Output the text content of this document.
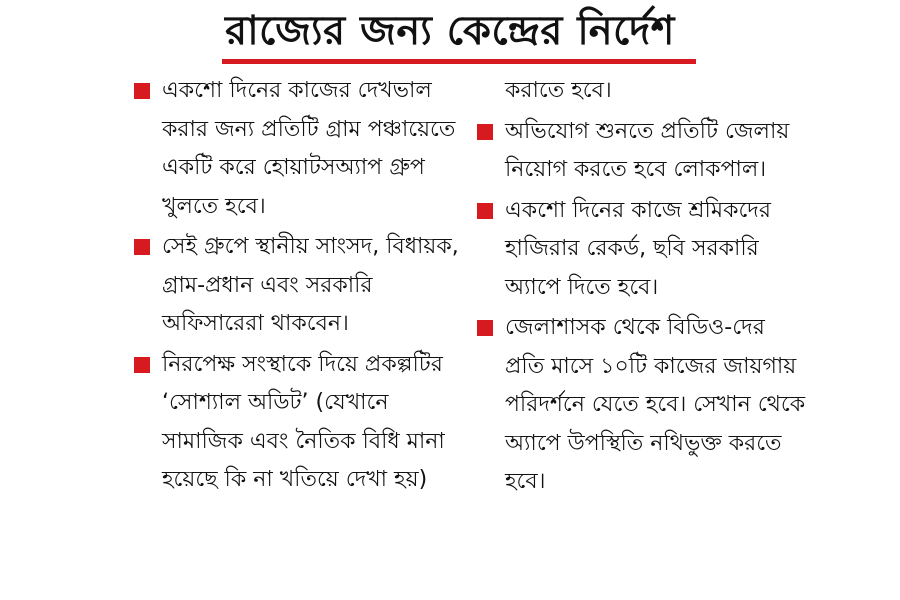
রাজ্যের জন্য কেন্দ্রের নির্দেশ
একশো দিনের কাজের দেখভাল করার জন্য প্রতিটি গ্রাম পঞ্চায়েতে একটি করে হোয়াটসঅ্যাপ গ্রুপ খুলতে হবে।
সেই গ্রুপে স্থানীয় সাংসদ, বিধায়ক, গ্রাম-প্রধান এবং সরকারি অফিসারেরা থাকবেন।
নিরপেক্ষ সংস্থাকে দিয়ে প্রকল্পটির ‘সোশ্যাল অডিট’ (যেখানে সামাজিক এবং নৈতিক বিধি মানা হয়েছে কি না খতিয়ে দেখা হয়)
করাতে হবে।
অভিযোগ শুনতে প্রতিটি জেলায় নিয়োগ করতে হবে লোকপাল।
একশো দিনের কাজে শ্রমিকদের হাজিরার রেকর্ড, ছবি সরকারি অ্যাপে দিতে হবে।
জেলাশাসক থেকে বিডিও-দের প্রতি মাসে ১০টি কাজের জায়গায় পরিদর্শনে যেতে হবে। সেখান থেকে অ্যাপে উপস্থিতি নথিভুক্ত করতে হবে।
